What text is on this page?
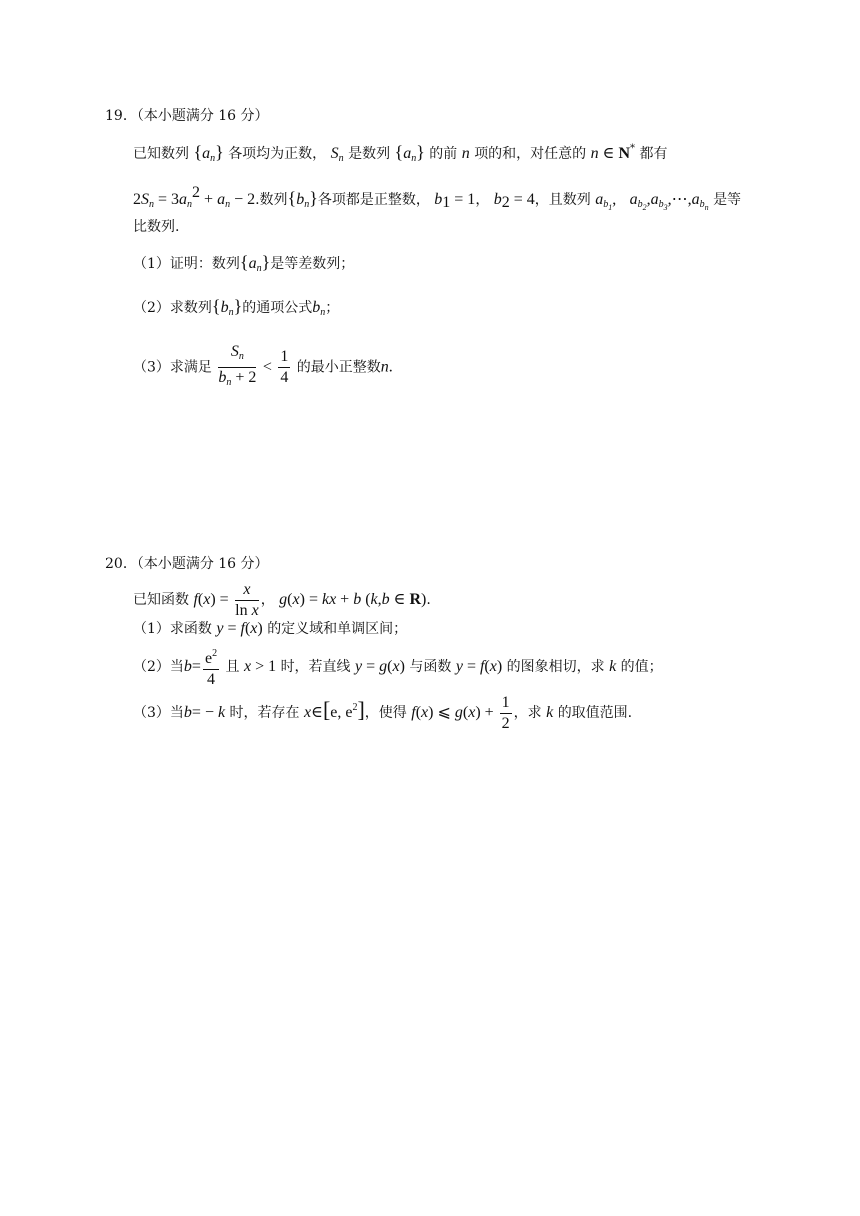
19．（本小题满分 16 分）
已知数列 $\{a_n\}$ 各项均为正数， $S_n$ 是数列 $\{a_n\}$ 的前 n 项的和，对任意的 n ∈ N* 都有
$2S_n = 3a_n^2 + a_n - 2$.数列$\{b_n\}$各项都是正整数， $b_1 = 1$， $b_2 = 4$，且数列 $a_{b_1}$, $a_{b_2},a_{b_3},\cdots,a_{b_n}$ 是等
比数列.
（1）证明：数列$\{a_n\}$是等差数列；
（2）求数列$\{b_n\}$的通项公式$b_n$；
（3）求满足 $\frac{S_n}{b_n + 2} < \frac{1}{4}$ 的最小正整数n.
20．（本小题满分 16 分）
已知函数 $f(x) = \frac{x}{\text{ln x}}$ ， g(x) = kx + b (k,b ∈ R).
（1）求函数 y = f(x) 的定义域和单调区间；
（2）当$b= \frac{e^2}{4}$ 且 x > 1 时，若直线 y = g(x) 与函数 y = f(x) 的图象相切，求 k 的值；
（3）当b= − k 时，若存在 x∈[e, $e^2$]，使得 f(x) ⩽ $g(x) + \frac{1}{2}$ ，求 k 的取值范围.
